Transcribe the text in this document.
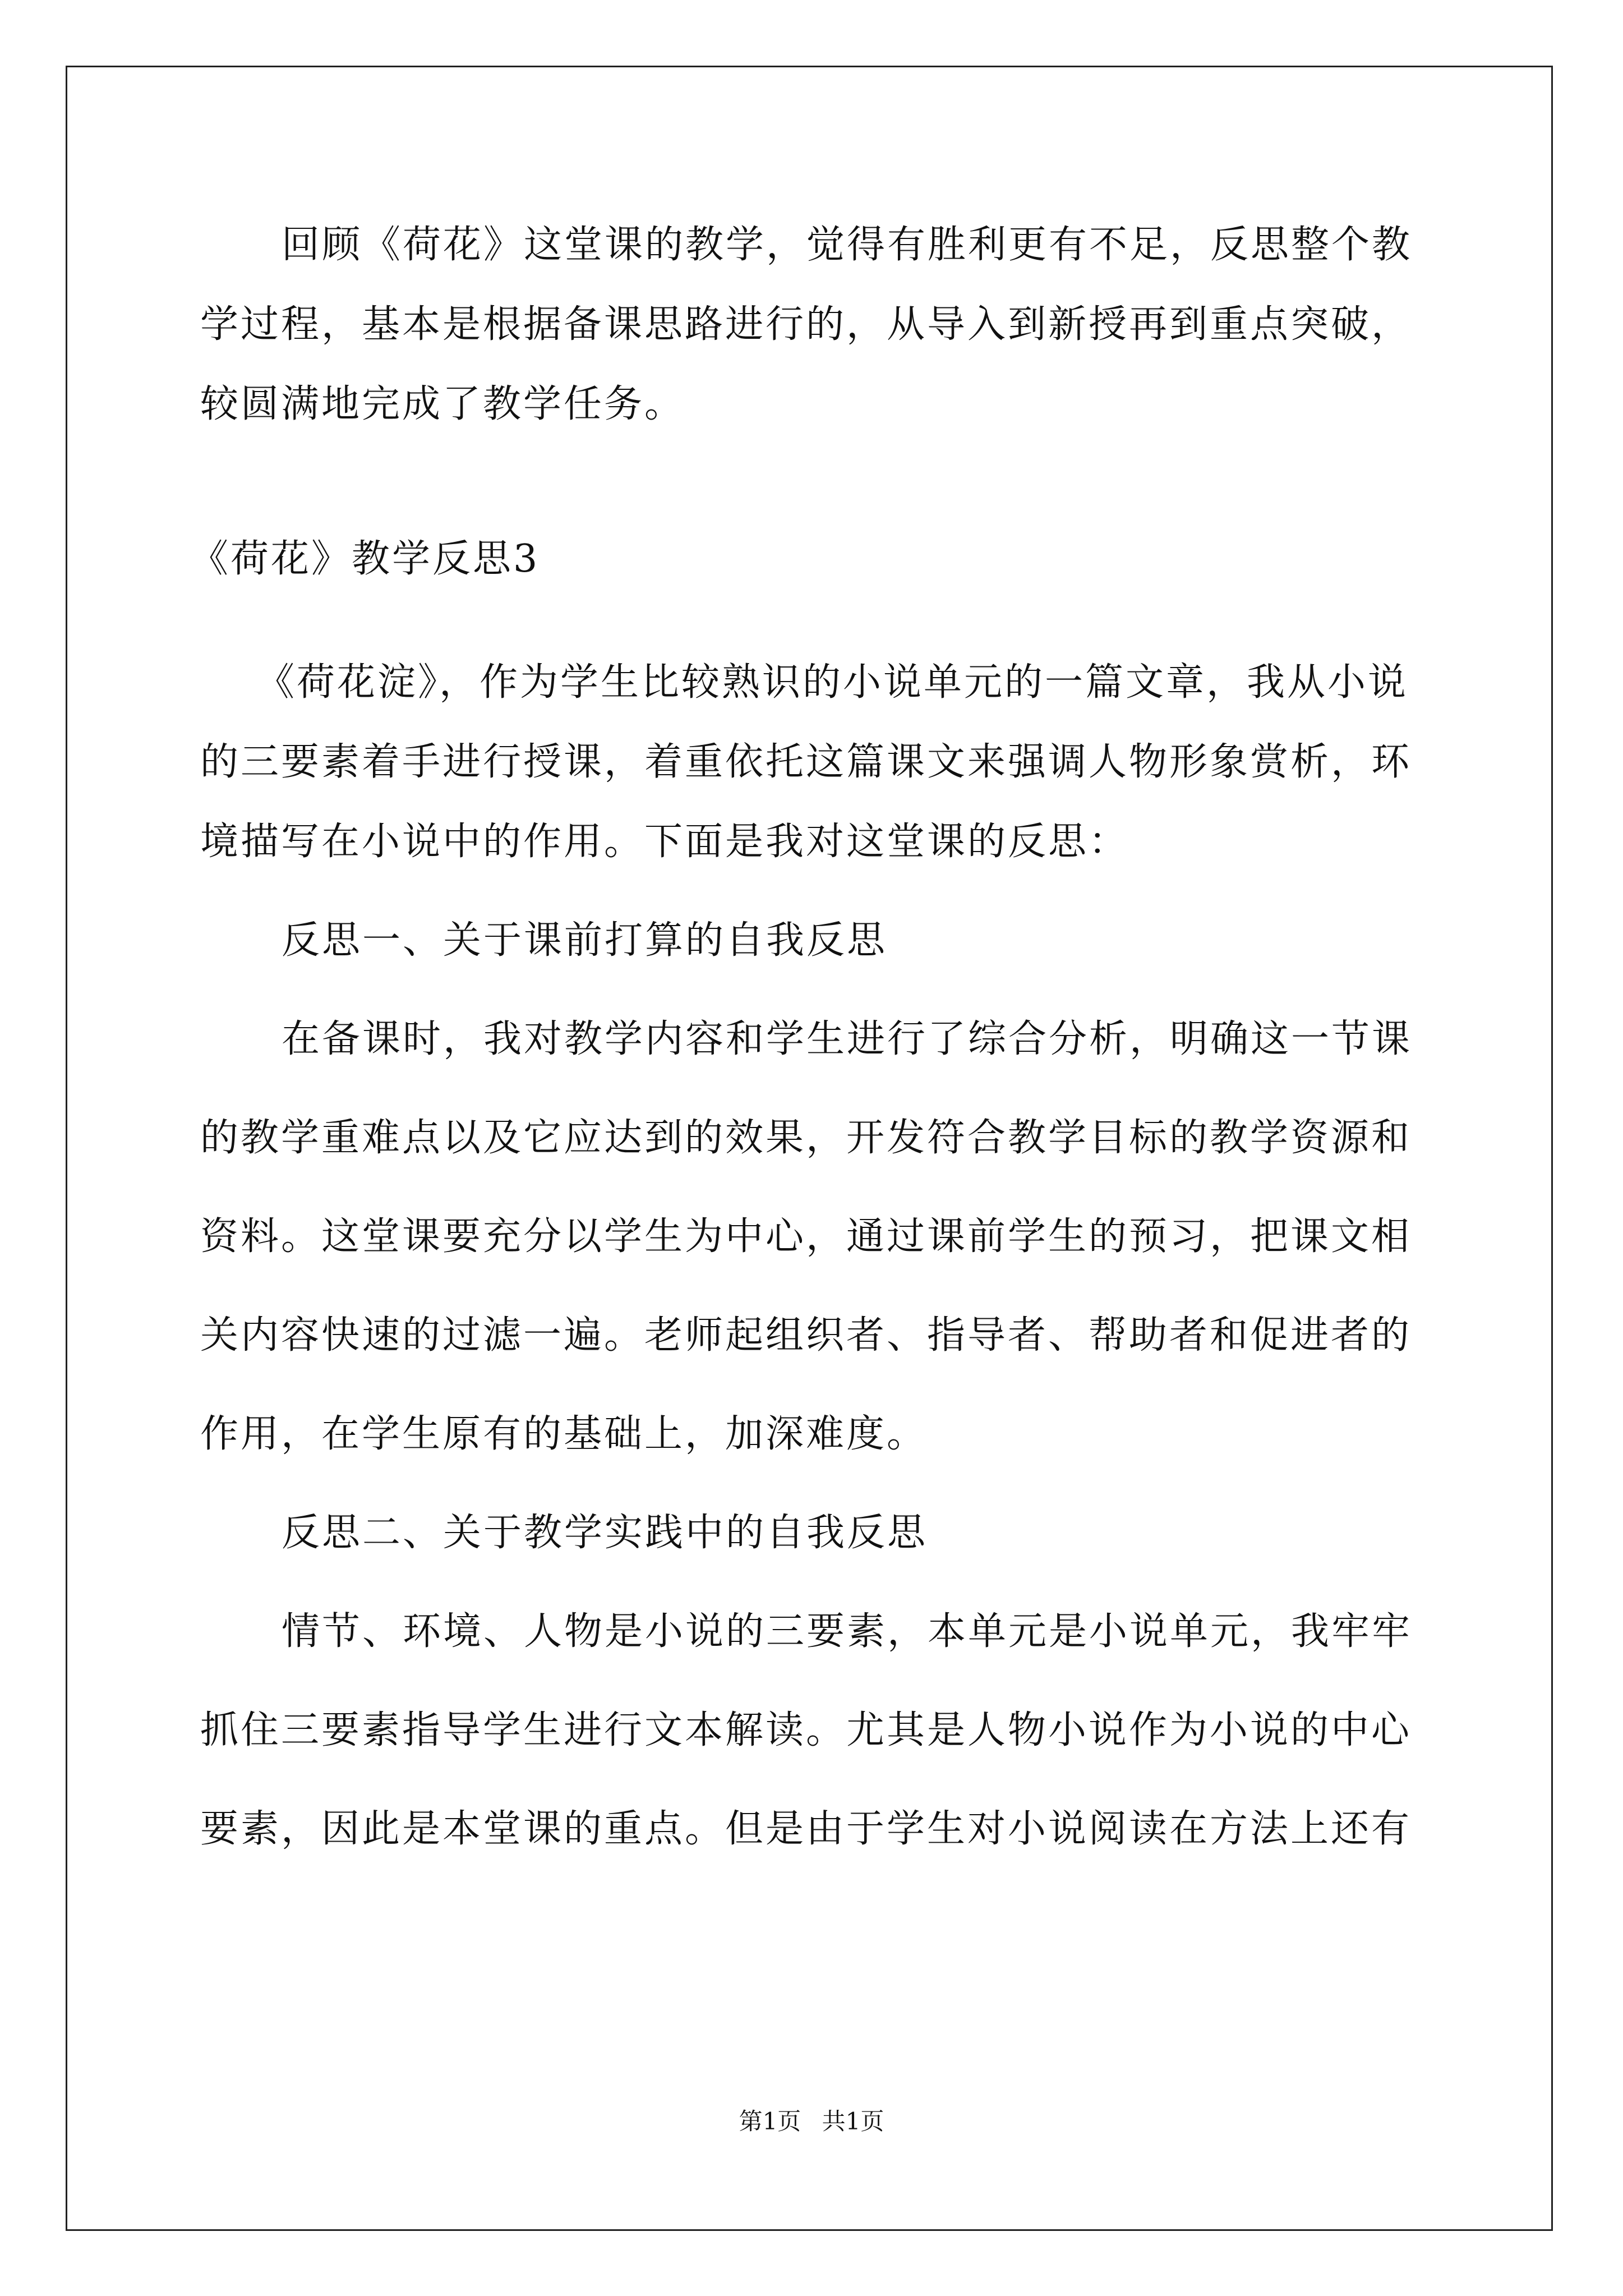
回顾《荷花》这堂课的教学，觉得有胜利更有不足，反思整个教
学过程，基本是根据备课思路进行的，从导入到新授再到重点突破，
较圆满地完成了教学任务。
《荷花》教学反思3
《荷花淀》，作为学生比较熟识的小说单元的一篇文章，我从小说
的三要素着手进行授课，着重依托这篇课文来强调人物形象赏析，环
境描写在小说中的作用。下面是我对这堂课的反思：
反思一、关于课前打算的自我反思
在备课时，我对教学内容和学生进行了综合分析，明确这一节课
的教学重难点以及它应达到的效果，开发符合教学目标的教学资源和
资料。这堂课要充分以学生为中心，通过课前学生的预习，把课文相
关内容快速的过滤一遍。老师起组织者、指导者、帮助者和促进者的
作用，在学生原有的基础上，加深难度。
反思二、关于教学实践中的自我反思
情节、环境、人物是小说的三要素，本单元是小说单元，我牢牢
抓住三要素指导学生进行文本解读。尤其是人物小说作为小说的中心
要素，因此是本堂课的重点。但是由于学生对小说阅读在方法上还有
第1页 共1页
